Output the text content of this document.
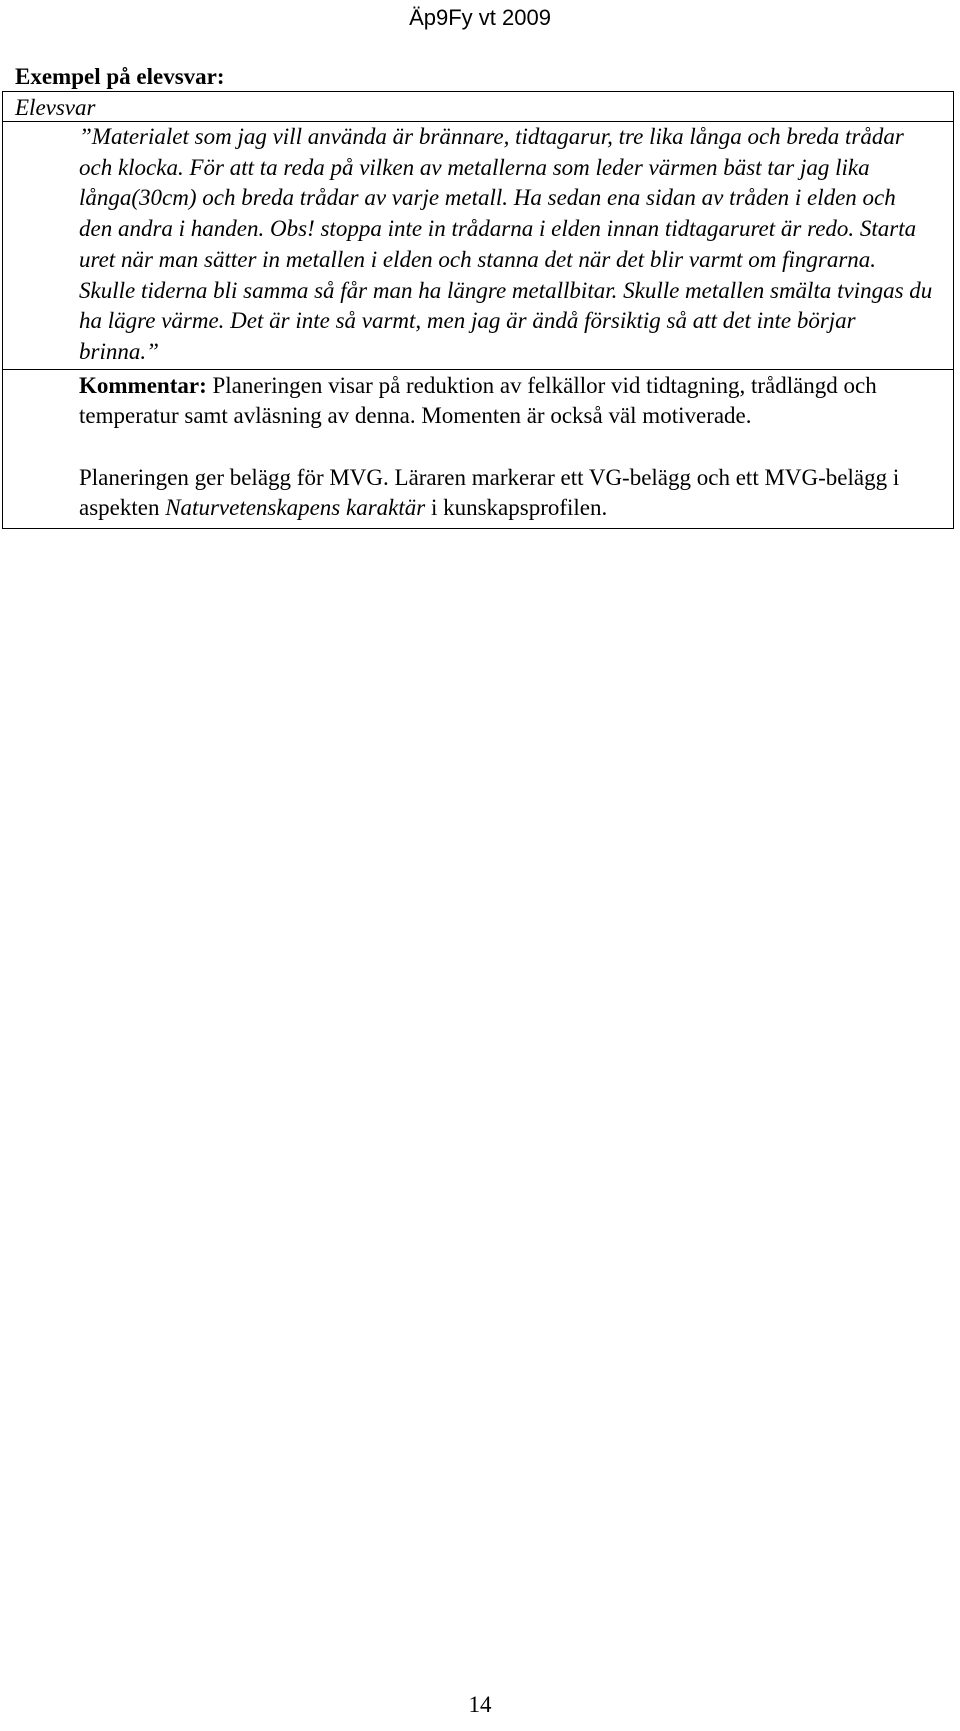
Äp9Fy vt 2009
Exempel på elevsvar:
Elevsvar
”Materialet som jag vill använda är brännare, tidtagarur, tre lika långa och breda trådar och klocka. För att ta reda på vilken av metallerna som leder värmen bäst tar jag lika långa(30cm) och breda trådar av varje metall. Ha sedan ena sidan av tråden i elden och den andra i handen. Obs! stoppa inte in trådarna i elden innan tidtagaruret är redo. Starta uret när man sätter in metallen i elden och stanna det när det blir varmt om fingrarna. Skulle tiderna bli samma så får man ha längre metallbitar. Skulle metallen smälta tvingas du ha lägre värme. Det är inte så varmt, men jag är ändå försiktig så att det inte börjar brinna.”

Kommentar: Planeringen visar på reduktion av felkällor vid tidtagning, trådlängd och temperatur samt avläsning av denna. Momenten är också väl motiverade.

Planeringen ger belägg för MVG. Läraren markerar ett VG-belägg och ett MVG-belägg i aspekten Naturvetenskapens karaktär i kunskapsprofilen.

14
